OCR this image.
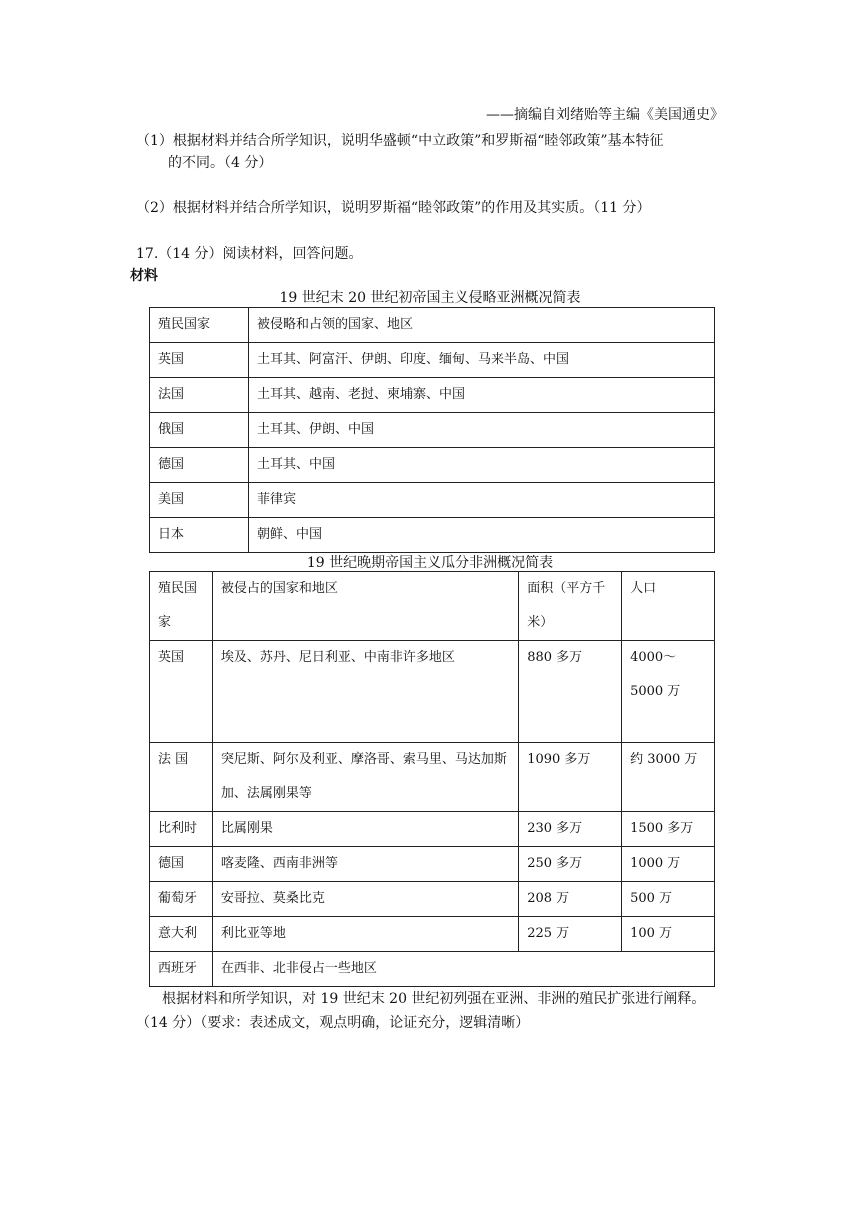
——摘编自刘绪贻等主编《美国通史》
（1）根据材料并结合所学知识，说明华盛顿“中立政策”和罗斯福“睦邻政策”基本特征
的不同。（4 分）
（2）根据材料并结合所学知识，说明罗斯福“睦邻政策”的作用及其实质。（11 分）
17.（14 分）阅读材料，回答问题。
材料
19 世纪末 20 世纪初帝国主义侵略亚洲概况简表
殖民国家	被侵略和占领的国家、地区
英国	土耳其、阿富汗、伊朗、印度、缅甸、马来半岛、中国
法国	土耳其、越南、老挝、柬埔寨、中国
俄国	土耳其、伊朗、中国
德国	土耳其、中国
美国	菲律宾
日本	朝鲜、中国
19 世纪晚期帝国主义瓜分非洲概况简表
殖民国家	被侵占的国家和地区	面积（平方千米）	人口
英国	埃及、苏丹、尼日利亚、中南非许多地区	880 多万	4000～5000 万
法 国	突尼斯、阿尔及利亚、摩洛哥、索马里、马达加斯加、法属刚果等	1090 多万	约 3000 万
比利时	比属刚果	230 多万	1500 多万
德国	喀麦隆、西南非洲等	250 多万	1000 万
葡萄牙	安哥拉、莫桑比克	208 万	500 万
意大利	利比亚等地	225 万	100 万
西班牙	在西非、北非侵占一些地区		
根据材料和所学知识，对 19 世纪末 20 世纪初列强在亚洲、非洲的殖民扩张进行阐释。
（14 分）（要求：表述成文，观点明确，论证充分，逻辑清晰）
